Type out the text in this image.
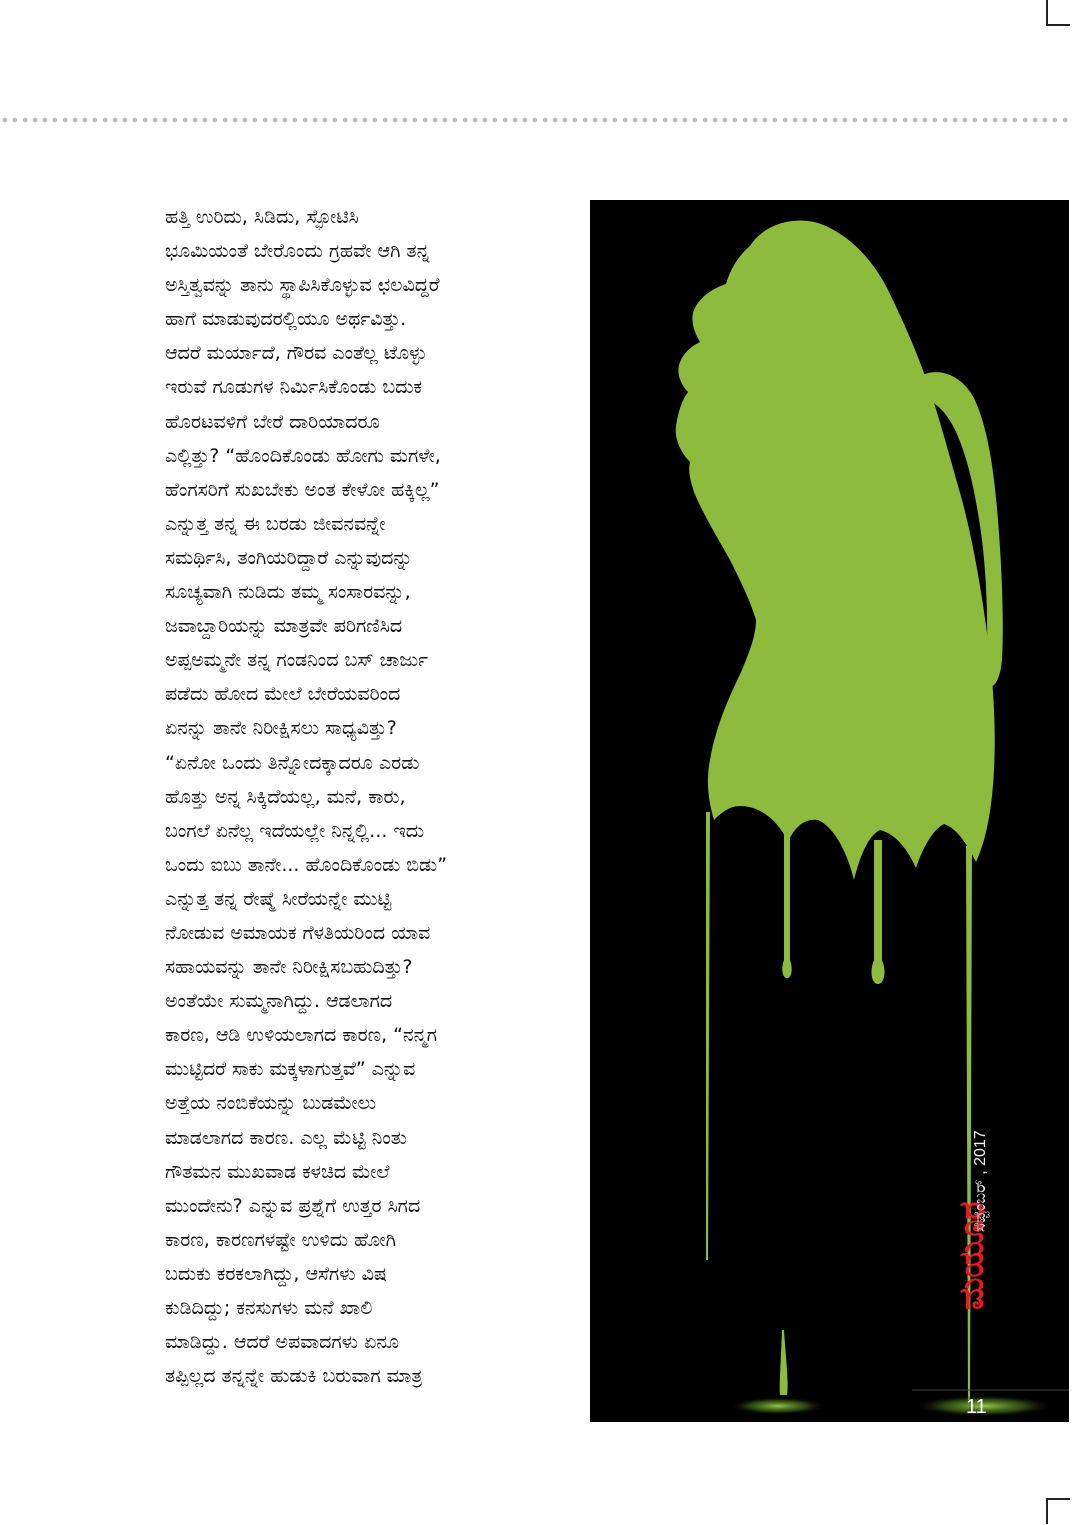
ಹತ್ತಿ ಉರಿದು, ಸಿಡಿದು, ಸ್ಫೋಟಿಸಿ
ಭೂಮಿಯಂತೆ ಬೇರೊಂದು ಗ್ರಹವೇ ಆಗಿ ತನ್ನ
ಅಸ್ತಿತ್ವವನ್ನು ತಾನು ಸ್ಥಾಪಿಸಿಕೊಳ್ಳುವ ಛಲವಿದ್ದರೆ
ಹಾಗೆ ಮಾಡುವುದರಲ್ಲಿಯೂ ಅರ್ಥವಿತ್ತು.
ಆದರೆ ಮರ್ಯಾದೆ, ಗೌರವ ಎಂತೆಲ್ಲ ಟೊಳ್ಳು
ಇರುವೆ ಗೂಡುಗಳ ನಿರ್ಮಿಸಿಕೊಂಡು ಬದುಕ
ಹೊರಟವಳಿಗೆ ಬೇರೆ ದಾರಿಯಾದರೂ
ಎಲ್ಲಿತ್ತು? “ಹೊಂದಿಕೊಂಡು ಹೋಗು ಮಗಳೇ,
ಹೆಂಗಸರಿಗೆ ಸುಖಬೇಕು ಅಂತ ಕೇಳೋ ಹಕ್ಕಿಲ್ಲ”
ಎನ್ನುತ್ತ ತನ್ನ ಈ ಬರಡು ಜೀವನವನ್ನೇ
ಸಮರ್ಥಿಸಿ, ತಂಗಿಯರಿದ್ದಾರೆ ಎನ್ನುವುದನ್ನು
ಸೂಚ್ಯವಾಗಿ ನುಡಿದು ತಮ್ಮ ಸಂಸಾರವನ್ನು,
ಜವಾಬ್ದಾರಿಯನ್ನು ಮಾತ್ರವೇ ಪರಿಗಣಿಸಿದ
ಅಪ್ಪಅಮ್ಮನೇ ತನ್ನ ಗಂಡನಿಂದ ಬಸ್ ಚಾರ್ಜು
ಪಡೆದು ಹೋದ ಮೇಲೆ ಬೇರೆಯವರಿಂದ
ಏನನ್ನು ತಾನೇ ನಿರೀಕ್ಷಿಸಲು ಸಾಧ್ಯವಿತ್ತು?
“ಏನೋ ಒಂದು ತಿನ್ನೋದಕ್ಕಾದರೂ ಎರಡು
ಹೊತ್ತು ಅನ್ನ ಸಿಕ್ಕಿದೆಯಲ್ಲ, ಮನೆ, ಕಾರು,
ಬಂಗಲೆ ಏನೆಲ್ಲ ಇದೆಯಲ್ಲೇ ನಿನ್ನಲ್ಲಿ... ಇದು
ಒಂದು ಐಬು ತಾನೇ... ಹೊಂದಿಕೊಂಡು ಬಿಡು”
ಎನ್ನುತ್ತ ತನ್ನ ರೇಷ್ಮೆ ಸೀರೆಯನ್ನೇ ಮುಟ್ಟಿ
ನೋಡುವ ಅಮಾಯಕ ಗೆಳತಿಯರಿಂದ ಯಾವ
ಸಹಾಯವನ್ನು ತಾನೇ ನಿರೀಕ್ಷಿಸಬಹುದಿತ್ತು?
ಅಂತೆಯೇ ಸುಮ್ಮನಾಗಿದ್ದು. ಆಡಲಾಗದ
ಕಾರಣ, ಆಡಿ ಉಳಿಯಲಾಗದ ಕಾರಣ, “ನನ್ಮಗ
ಮುಟ್ಟಿದರೆ ಸಾಕು ಮಕ್ಕಳಾಗುತ್ತವೆ” ಎನ್ನುವ
ಅತ್ತೆಯ ನಂಬಿಕೆಯನ್ನು ಬುಡಮೇಲು
ಮಾಡಲಾಗದ ಕಾರಣ. ಎಲ್ಲ ಮೆಟ್ಟಿ ನಿಂತು
ಗೌತಮನ ಮುಖವಾಡ ಕಳಚಿದ ಮೇಲೆ
ಮುಂದೇನು? ಎನ್ನುವ ಪ್ರಶ್ನೆಗೆ ಉತ್ತರ ಸಿಗದ
ಕಾರಣ, ಕಾರಣಗಳಷ್ಟೇ ಉಳಿದು ಹೋಗಿ
ಬದುಕು ಕರಕಲಾಗಿದ್ದು, ಆಸೆಗಳು ವಿಷ
ಕುಡಿದಿದ್ದು; ಕನಸುಗಳು ಮನೆ ಖಾಲಿ
ಮಾಡಿದ್ದು. ಆದರೆ ಅಪವಾದಗಳು ಏನೂ
ತಪ್ಪಿಲ್ಲದ ತನ್ನನ್ನೇ ಹುಡುಕಿ ಬರುವಾಗ ಮಾತ್ರ
ಮಯೂರ
ಸೆಪ್ಟೆಂಬರ್ , 2017
11
